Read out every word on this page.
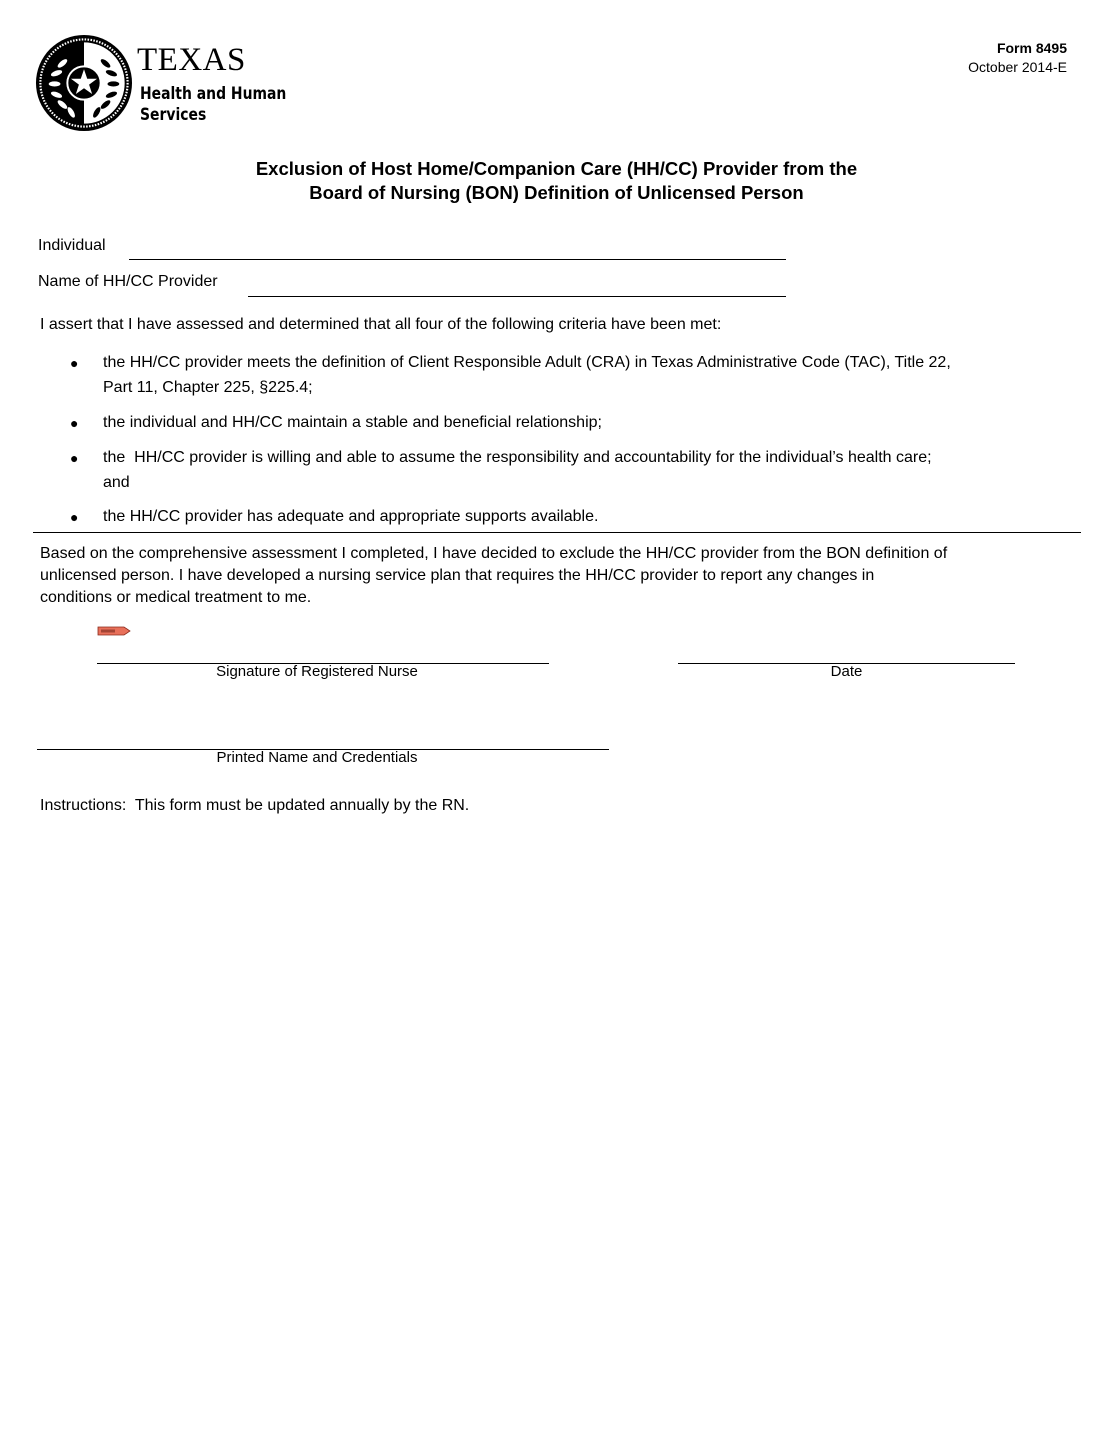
TEXAS
Health and Human
Services
Form 8495
October 2014-E
Exclusion of Host Home/Companion Care (HH/CC) Provider from the
Board of Nursing (BON) Definition of Unlicensed Person
Individual
Name of HH/CC Provider
I assert that I have assessed and determined that all four of the following criteria have been met:
● the HH/CC provider meets the definition of Client Responsible Adult (CRA) in Texas Administrative Code (TAC), Title 22,
Part 11, Chapter 225, §225.4;
● the individual and HH/CC maintain a stable and beneficial relationship;
● the  HH/CC provider is willing and able to assume the responsibility and accountability for the individual’s health care;
and
● the HH/CC provider has adequate and appropriate supports available.
Based on the comprehensive assessment I completed, I have decided to exclude the HH/CC provider from the BON definition of
unlicensed person. I have developed a nursing service plan that requires the HH/CC provider to report any changes in
conditions or medical treatment to me.
Signature of Registered Nurse	Date
Printed Name and Credentials
Instructions:  This form must be updated annually by the RN.
